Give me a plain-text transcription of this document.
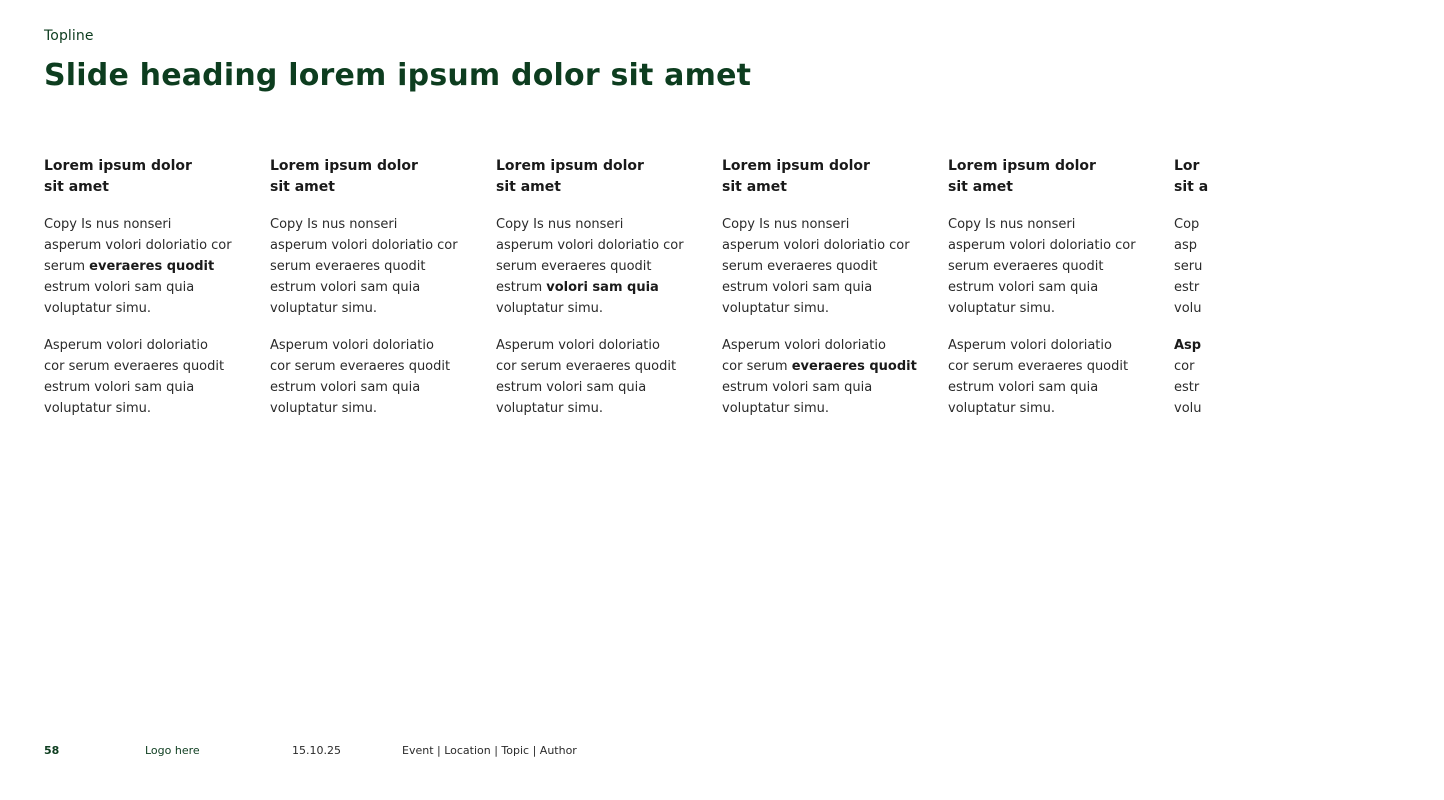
Topline
Slide heading lorem ipsum dolor sit amet
Lorem ipsum dolor
sit amet

Copy Is nus nonseri
asperum volori doloriatio cor
serum everaeres quodit
estrum volori sam quia
voluptatur simu.

Asperum volori doloriatio
cor serum everaeres quodit
estrum volori sam quia
voluptatur simu.

Lorem ipsum dolor
sit amet

Copy Is nus nonseri
asperum volori doloriatio cor
serum everaeres quodit
estrum volori sam quia
voluptatur simu.

Asperum volori doloriatio
cor serum everaeres quodit
estrum volori sam quia
voluptatur simu.

Lorem ipsum dolor
sit amet

Copy Is nus nonseri
asperum volori doloriatio cor
serum everaeres quodit
estrum volori sam quia
voluptatur simu.

Asperum volori doloriatio
cor serum everaeres quodit
estrum volori sam quia
voluptatur simu.

Lorem ipsum dolor
sit amet

Copy Is nus nonseri
asperum volori doloriatio cor
serum everaeres quodit
estrum volori sam quia
voluptatur simu.

Asperum volori doloriatio
cor serum everaeres quodit
estrum volori sam quia
voluptatur simu.

Lorem ipsum dolor
sit amet

Copy Is nus nonseri
asperum volori doloriatio cor
serum everaeres quodit
estrum volori sam quia
voluptatur simu.

Asperum volori doloriatio
cor serum everaeres quodit
estrum volori sam quia
voluptatur simu.

Lor
sit a

Cop
asp
seru
estr
volu

Asp
cor
estr
volu

58	Logo here	15.10.25	Event | Location | Topic | Author
